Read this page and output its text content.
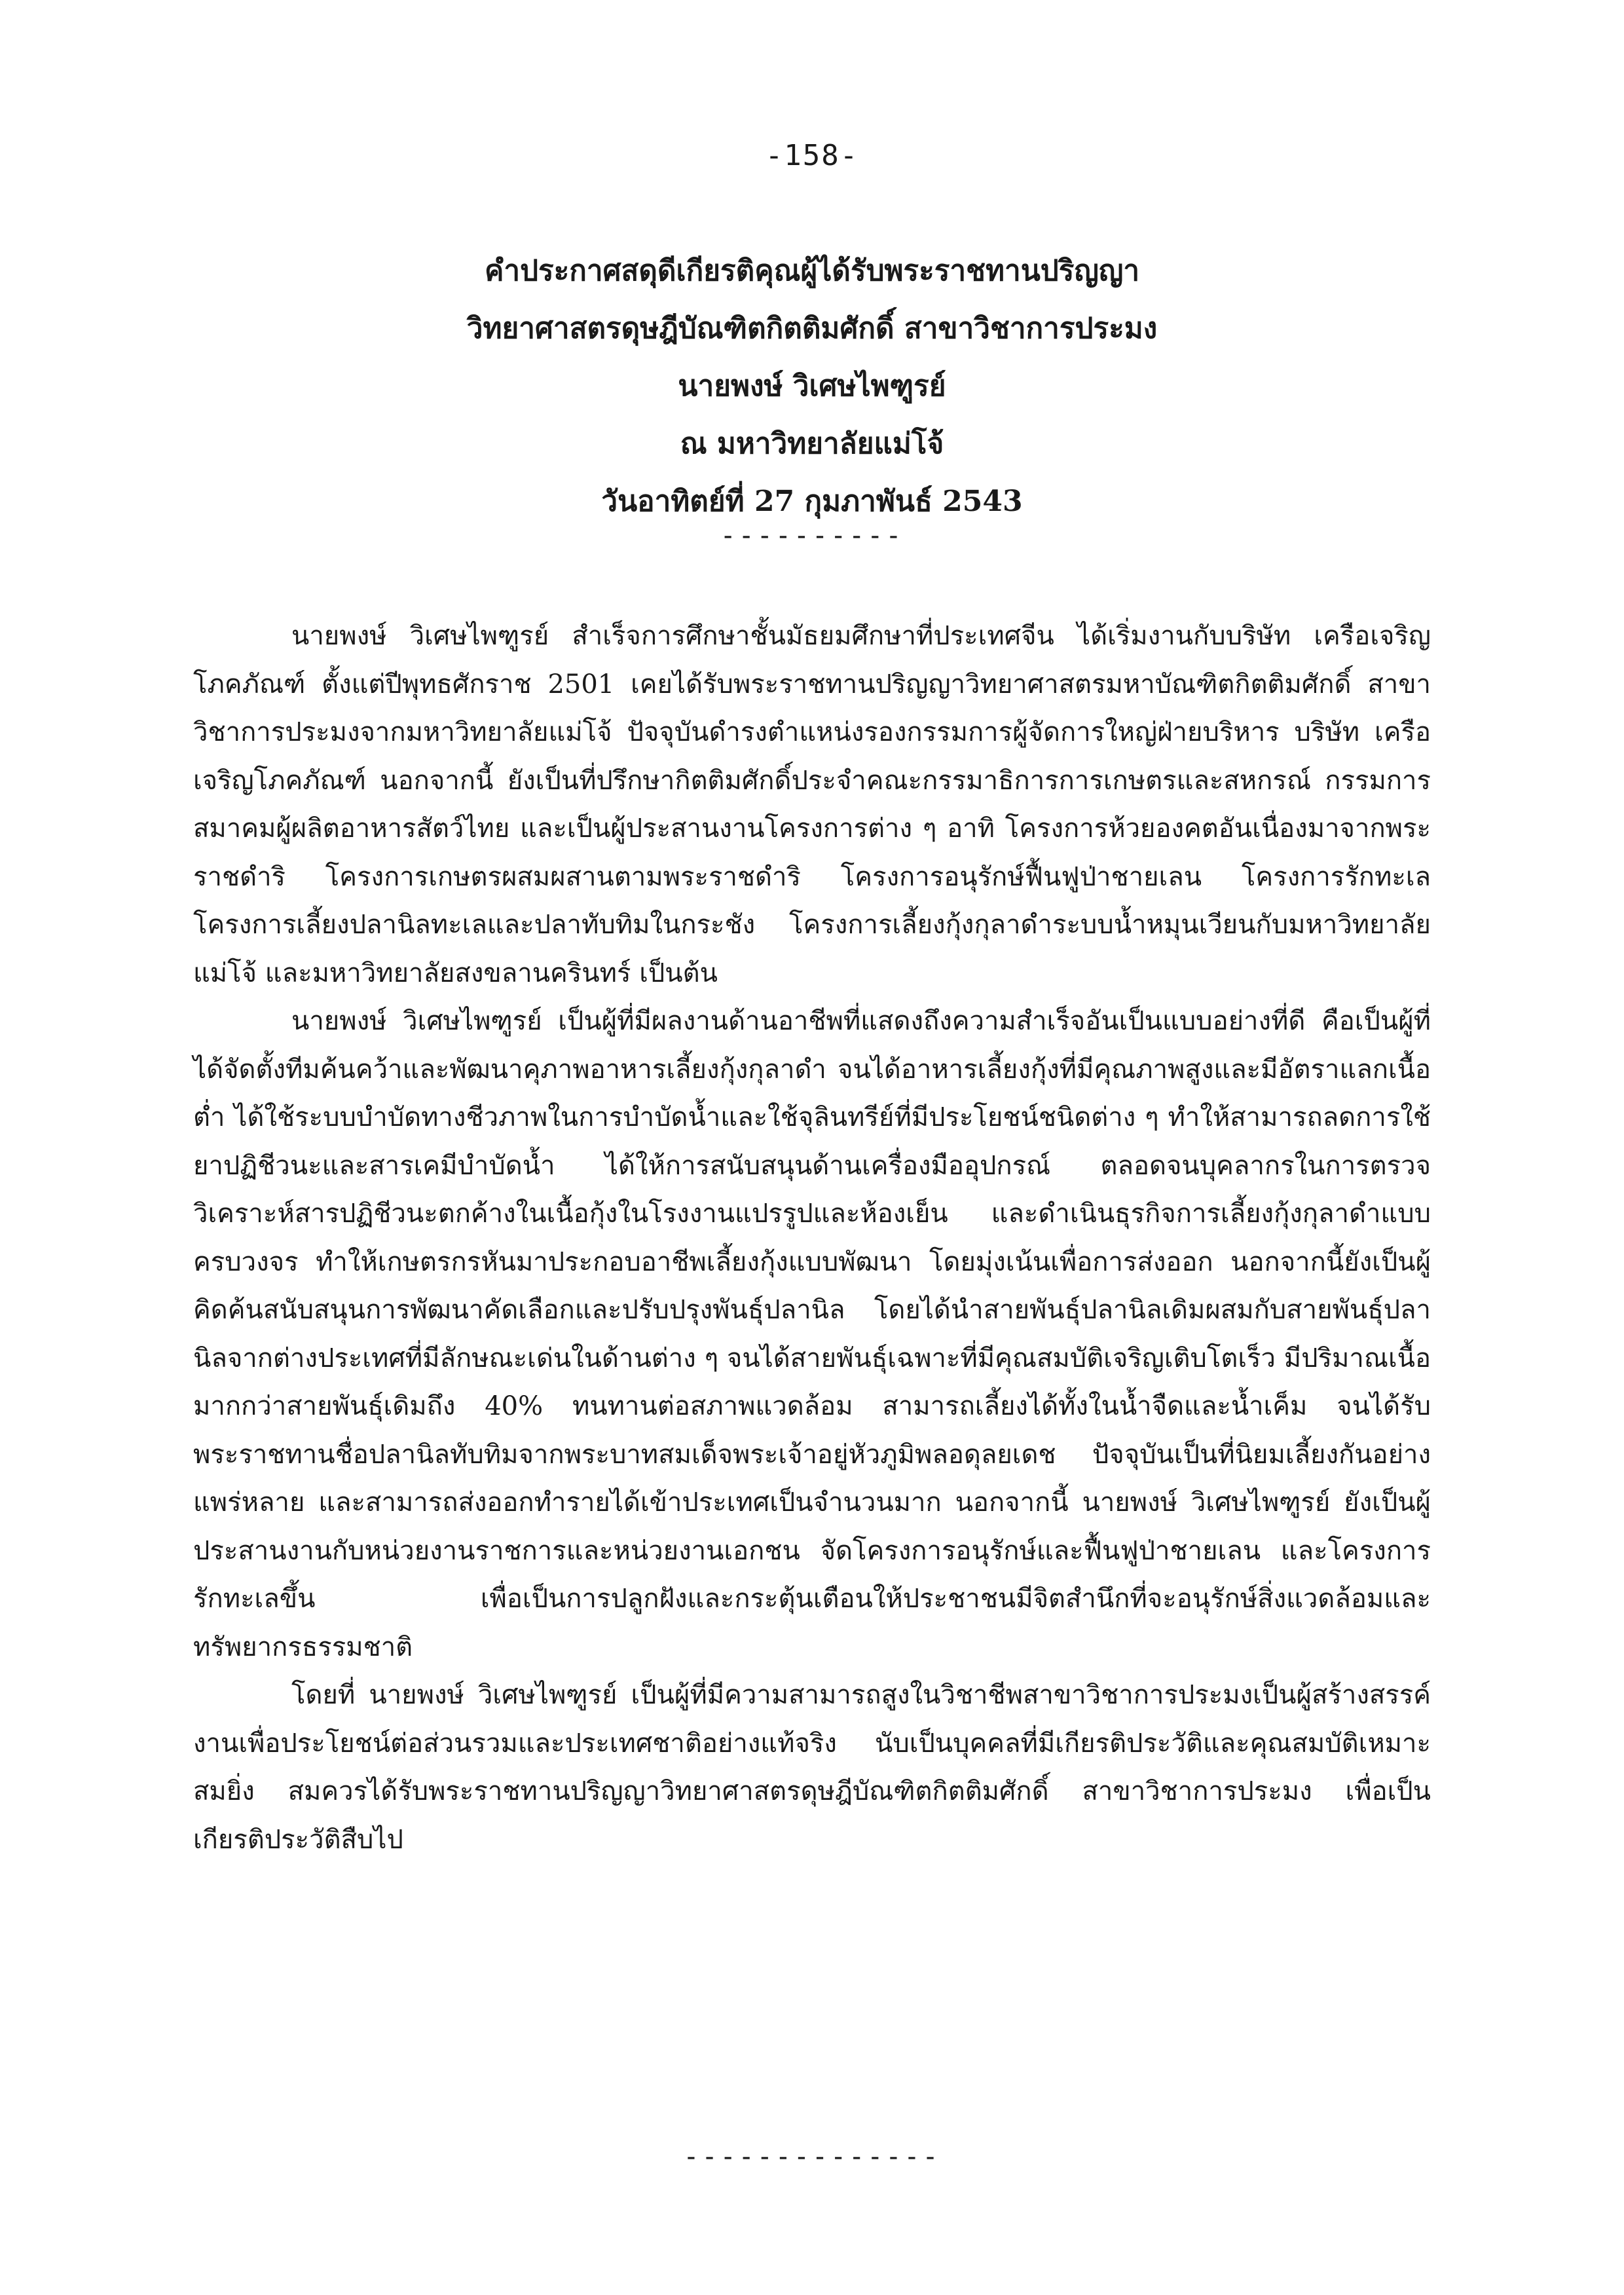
-158-
คำประกาศสดุดีเกียรติคุณผู้ได้รับพระราชทานปริญญา
วิทยาศาสตรดุษฎีบัณฑิตกิตติมศักดิ์ สาขาวิชาการประมง
นายพงษ์ วิเศษไพฑูรย์
ณ มหาวิทยาลัยแม่โจ้
วันอาทิตย์ที่ 27 กุมภาพันธ์ 2543
----------

นายพงษ์ วิเศษไพฑูรย์ สำเร็จการศึกษาชั้นมัธยมศึกษาที่ประเทศจีน ได้เริ่มงานกับบริษัท เครือเจริญโภคภัณฑ์ ตั้งแต่ปีพุทธศักราช 2501 เคยได้รับพระราชทานปริญญาวิทยาศาสตรมหาบัณฑิตกิตติมศักดิ์ สาขาวิชาการประมงจากมหาวิทยาลัยแม่โจ้ ปัจจุบันดำรงตำแหน่งรองกรรมการผู้จัดการใหญ่ฝ่ายบริหาร บริษัท เครือเจริญโภคภัณฑ์ นอกจากนี้ ยังเป็นที่ปรึกษากิตติมศักดิ์ประจำคณะกรรมาธิการการเกษตรและสหกรณ์ กรรมการสมาคมผู้ผลิตอาหารสัตว์ไทย และเป็นผู้ประสานงานโครงการต่าง ๆ อาทิ โครงการห้วยองคตอันเนื่องมาจากพระราชดำริ โครงการเกษตรผสมผสานตามพระราชดำริ โครงการอนุรักษ์ฟื้นฟูป่าชายเลน โครงการรักทะเล โครงการเลี้ยงปลานิลทะเลและปลาทับทิมในกระชัง โครงการเลี้ยงกุ้งกุลาดำระบบน้ำหมุนเวียนกับมหาวิทยาลัยแม่โจ้ และมหาวิทยาลัยสงขลานครินทร์ เป็นต้น

นายพงษ์ วิเศษไพฑูรย์ เป็นผู้ที่มีผลงานด้านอาชีพที่แสดงถึงความสำเร็จอันเป็นแบบอย่างที่ดี คือเป็นผู้ที่ได้จัดตั้งทีมค้นคว้าและพัฒนาคุภาพอาหารเลี้ยงกุ้งกุลาดำ จนได้อาหารเลี้ยงกุ้งที่มีคุณภาพสูงและมีอัตราแลกเนื้อต่ำ ได้ใช้ระบบบำบัดทางชีวภาพในการบำบัดน้ำและใช้จุลินทรีย์ที่มีประโยชน์ชนิดต่าง ๆ ทำให้สามารถลดการใช้ยาปฏิชีวนะและสารเคมีบำบัดน้ำ ได้ให้การสนับสนุนด้านเครื่องมืออุปกรณ์ ตลอดจนบุคลากรในการตรวจวิเคราะห์สารปฏิชีวนะตกค้างในเนื้อกุ้งในโรงงานแปรรูปและห้องเย็น และดำเนินธุรกิจการเลี้ยงกุ้งกุลาดำแบบครบวงจร ทำให้เกษตรกรหันมาประกอบอาชีพเลี้ยงกุ้งแบบพัฒนา โดยมุ่งเน้นเพื่อการส่งออก นอกจากนี้ยังเป็นผู้คิดค้นสนับสนุนการพัฒนาคัดเลือกและปรับปรุงพันธุ์ปลานิล โดยได้นำสายพันธุ์ปลานิลเดิมผสมกับสายพันธุ์ปลานิลจากต่างประเทศที่มีลักษณะเด่นในด้านต่าง ๆ จนได้สายพันธุ์เฉพาะที่มีคุณสมบัติเจริญเติบโตเร็ว มีปริมาณเนื้อมากกว่าสายพันธุ์เดิมถึง 40% ทนทานต่อสภาพแวดล้อม สามารถเลี้ยงได้ทั้งในน้ำจืดและน้ำเค็ม จนได้รับพระราชทานชื่อปลานิลทับทิมจากพระบาทสมเด็จพระเจ้าอยู่หัวภูมิพลอดุลยเดช ปัจจุบันเป็นที่นิยมเลี้ยงกันอย่างแพร่หลาย และสามารถส่งออกทำรายได้เข้าประเทศเป็นจำนวนมาก นอกจากนี้ นายพงษ์ วิเศษไพฑูรย์ ยังเป็นผู้ประสานงานกับหน่วยงานราชการและหน่วยงานเอกชน จัดโครงการอนุรักษ์และฟื้นฟูป่าชายเลน และโครงการรักทะเลขึ้น เพื่อเป็นการปลูกฝังและกระตุ้นเตือนให้ประชาชนมีจิตสำนึกที่จะอนุรักษ์สิ่งแวดล้อมและทรัพยากรธรรมชาติ

โดยที่ นายพงษ์ วิเศษไพฑูรย์ เป็นผู้ที่มีความสามารถสูงในวิชาชีพสาขาวิชาการประมงเป็นผู้สร้างสรรค์งานเพื่อประโยชน์ต่อส่วนรวมและประเทศชาติอย่างแท้จริง นับเป็นบุคคลที่มีเกียรติประวัติและคุณสมบัติเหมาะสมยิ่ง สมควรได้รับพระราชทานปริญญาวิทยาศาสตรดุษฎีบัณฑิตกิตติมศักดิ์ สาขาวิชาการประมง เพื่อเป็นเกียรติประวัติสืบไป

--------------
